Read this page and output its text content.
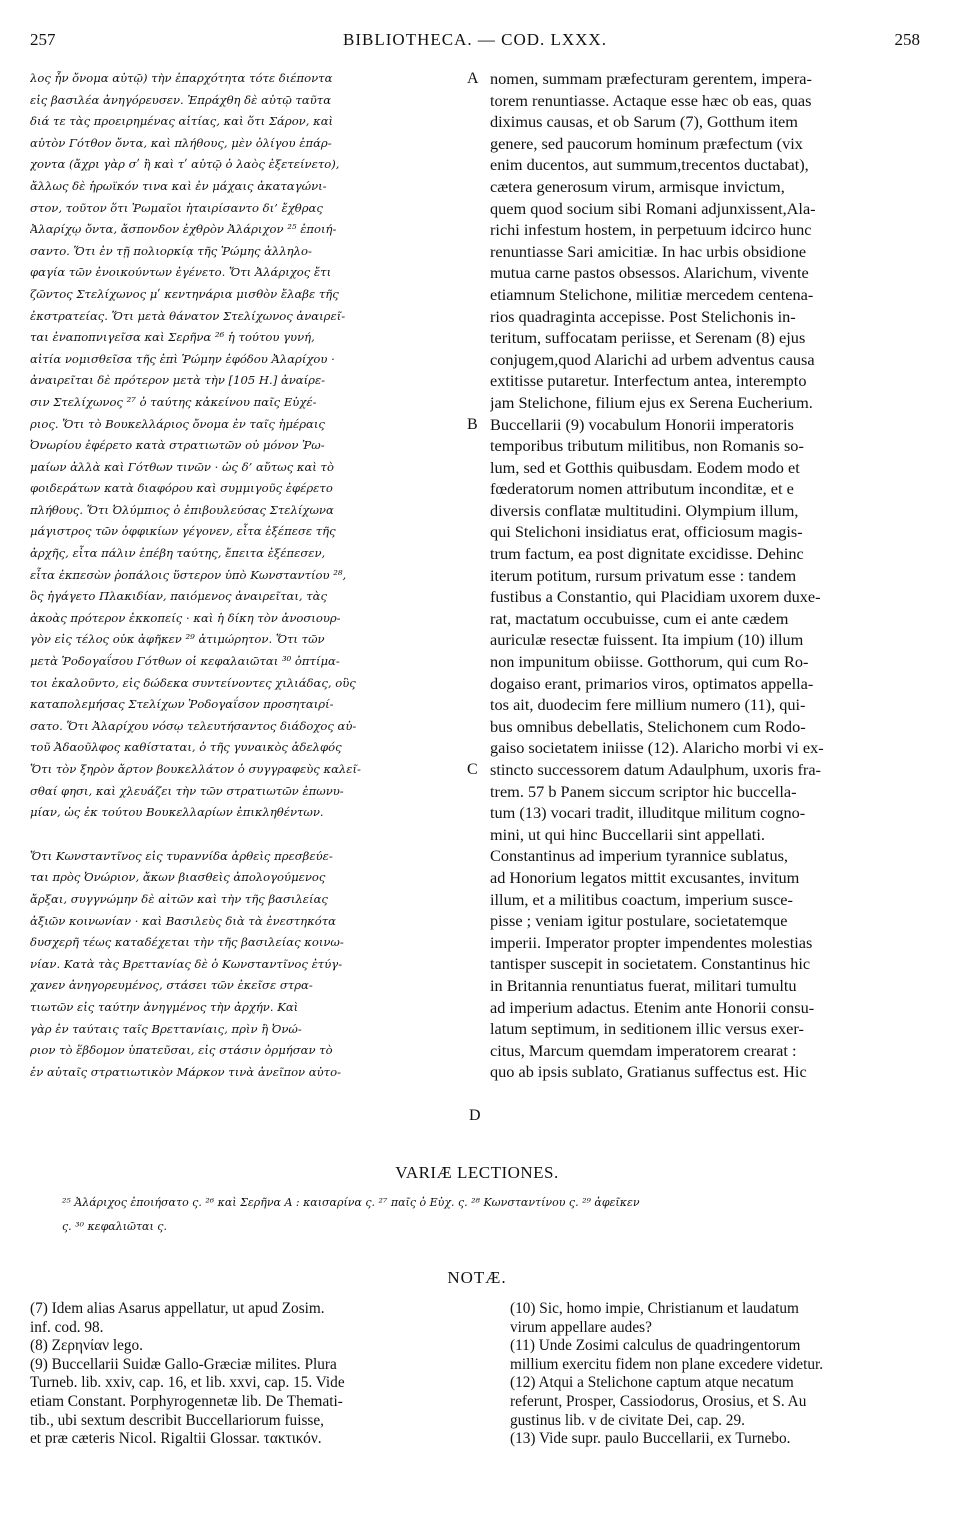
BIBLIOTHECA. — COD. LXXX.
257	258
λος ἦν ὄνομα αὐτῷ) τὴν ἐπαρχότητα τότε διέποντα
εἰς βασιλέα ἀνηγόρευσεν. Ἐπράχθη δὲ αὐτῷ ταῦτα
διά τε τὰς προειρημένας αἰτίας, καὶ ὅτι Σάρον, καὶ
αὐτὸν Γότθον ὄντα, καὶ πλήθους, μὲν ὀλίγου ἐπάρ-
χοντα (ἄχρι γὰρ σʹ ἢ καὶ τʹ αὐτῷ ὁ λαὸς ἐξετείνετο),
ἄλλως δὲ ἡρωϊκόν τινα καὶ ἐν μάχαις ἀκαταγώνι-
στον, τοῦτον ὅτι Ῥωμαῖοι ἡταιρίσαντο δι’ ἔχθρας
Ἀλαρίχῳ ὄντα, ἄσπονδον ἐχθρὸν Ἀλάριχον ²⁵ ἐποιή-
σαντο. Ὅτι ἐν τῇ πολιορκίᾳ τῆς Ῥώμης ἀλληλο-
φαγία τῶν ἐνοικούντων ἐγένετο. Ὅτι Ἀλάριχος ἔτι
ζῶντος Στελίχωνος μʹ κεντηνάρια μισθὸν ἔλαβε τῆς
ἐκστρατείας. Ὅτι μετὰ θάνατον Στελίχωνος ἀναιρεῖ-
ται ἐναποπνιγεῖσα καὶ Σερῆνα ²⁶ ἡ τούτου γυνή,
αἰτία νομισθεῖσα τῆς ἐπὶ Ῥώμην ἐφόδου Ἀλαρίχου ·
ἀναιρεῖται δὲ πρότερον μετὰ τὴν [105 H.] ἀναίρε-
σιν Στελίχωνος ²⁷ ὁ ταύτης κἀκείνου παῖς Εὐχέ-
ριος. Ὅτι τὸ Βουκελλάριος ὄνομα ἐν ταῖς ἡμέραις
Ὀνωρίου ἐφέρετο κατὰ στρατιωτῶν οὐ μόνον Ῥω-
μαίων ἀλλὰ καὶ Γότθων τινῶν · ὡς δ’ αὔτως καὶ τὸ
φοιδεράτων κατὰ διαφόρου καὶ συμμιγοῦς ἐφέρετο
πλήθους. Ὅτι Ὀλύμπιος ὁ ἐπιβουλεύσας Στελίχωνα
μάγιστρος τῶν ὀφφικίων γέγονεν, εἶτα ἐξέπεσε τῆς
ἀρχῆς, εἶτα πάλιν ἐπέβη ταύτης, ἔπειτα ἐξέπεσεν,
εἶτα ἐκπεσὼν ῥοπάλοις ὕστερον ὑπὸ Κωνσταντίου ²⁸,
ὃς ἠγάγετο Πλακιδίαν, παιόμενος ἀναιρεῖται, τὰς
ἀκοὰς πρότερον ἐκκοπείς · καὶ ἡ δίκη τὸν ἀνοσιουρ-
γὸν εἰς τέλος οὐκ ἀφῆκεν ²⁹ ἀτιμώρητον. Ὅτι τῶν
μετὰ Ῥοδογαΐσου Γότθων οἱ κεφαλαιῶται ³⁰ ὀπτίμα-
τοι ἐκαλοῦντο, εἰς δώδεκα συντείνοντες χιλιάδας, οὓς
καταπολεμήσας Στελίχων Ῥοδογαΐσον προσηταιρί-
σατο. Ὅτι Ἀλαρίχου νόσῳ τελευτήσαντος διάδοχος αὐ-
τοῦ Ἀδαοῦλφος καθίσταται, ὁ τῆς γυναικὸς ἀδελφός
Ὅτι τὸν ξηρὸν ἄρτον βουκελλάτον ὁ συγγραφεὺς καλεῖ-
σθαί φησι, καὶ χλευάζει τὴν τῶν στρατιωτῶν ἐπωνυ-
μίαν, ὡς ἐκ τούτου Βουκελλαρίων ἐπικληθέντων.
Ὅτι Κωνσταντῖνος εἰς τυραννίδα ἀρθεὶς πρεσβεύε-
ται πρὸς Ὀνώριον, ἄκων βιασθεὶς ἀπολογούμενος
ἄρξαι, συγγνώμην δὲ αἰτῶν καὶ τὴν τῆς βασιλείας
ἀξιῶν κοινωνίαν · καὶ Βασιλεὺς διὰ τὰ ἐνεστηκότα
δυσχερῆ τέως καταδέχεται τὴν τῆς βασιλείας κοινω-
νίαν. Κατὰ τὰς Βρεττανίας δὲ ὁ Κωνσταντῖνος ἐτύγ-
χανεν ἀνηγορευμένος, στάσει τῶν ἐκεῖσε στρα-
τιωτῶν εἰς ταύτην ἀνηγμένος τὴν ἀρχήν. Καὶ
γὰρ ἐν ταύταις ταῖς Βρεττανίαις, πρὶν ἢ Ὀνώ-
ριον τὸ ἕβδομον ὑπατεῦσαι, εἰς στάσιν ὁρμήσαν τὸ
ἐν αὐταῖς στρατιωτικὸν Μάρκον τινὰ ἀνεῖπον αὐτο-
nomen, summam præfecturam gerentem, impera-
torem renuntiasse. Actaque esse hæc ob eas, quas
diximus causas, et ob Sarum (7), Gotthum item
genere, sed paucorum hominum præfectum (vix
enim ducentos, aut summum,trecentos ductabat),
cætera generosum virum, armisque invictum,
quem quod socium sibi Romani adjunxissent,Ala-
richi infestum hostem, in perpetuum idcirco hunc
renuntiasse Sari amicitiæ. In hac urbis obsidione
mutua carne pastos obsessos. Alarichum, vivente
etiamnum Stelichone, militiæ mercedem centena-
rios quadraginta accepisse. Post Stelichonis in-
teritum, suffocatam periisse, et Serenam (8) ejus
conjugem,quod Alarichi ad urbem adventus causa
extitisse putaretur. Interfectum antea, interempto
jam Stelichone, filium ejus ex Serena Eucherium.
Buccellarii (9) vocabulum Honorii imperatoris
temporibus tributum militibus, non Romanis so-
lum, sed et Gotthis quibusdam. Eodem modo et
fœderatorum nomen attributum inconditæ, et e
diversis conflatæ multitudini. Olympium illum,
qui Stelichoni insidiatus erat, officiosum magis-
trum factum, ea post dignitate excidisse. Dehinc
iterum potitum, rursum privatum esse : tandem
fustibus a Constantio, qui Placidiam uxorem duxe-
rat, mactatum occubuisse, cum ei ante cædem
auriculæ resectæ fuissent. Ita impium (10) illum
non impunitum obiisse. Gotthorum, qui cum Ro-
dogaiso erant, primarios viros, optimatos appella-
tos ait, duodecim fere millium numero (11), qui-
bus omnibus debellatis, Stelichonem cum Rodo-
gaiso societatem iniisse (12). Alaricho morbi vi ex-
stincto successorem datum Adaulphum, uxoris fra-
trem. 57 b Panem siccum scriptor hic buccella-
tum (13) vocari tradit, illuditque militum cogno-
mini, ut qui hinc Buccellarii sint appellati.
Constantinus ad imperium tyrannice sublatus,
ad Honorium legatos mittit excusantes, invitum
illum, et a militibus coactum, imperium susce-
pisse ; veniam igitur postulare, societatemque
imperii. Imperator propter impendentes molestias
tantisper suscepit in societatem. Constantinus hic
in Britannia renuntiatus fuerat, militari tumultu
ad imperium adactus. Etenim ante Honorii consu-
latum septimum, in seditionem illic versus exer-
citus, Marcum quemdam imperatorem crearat :
quo ab ipsis sublato, Gratianus suffectus est. Hic
A
B
C
D
VARIÆ LECTIONES.
²⁵ Ἀλάριχος ἐποιήσατο ς. ²⁶ καὶ Σερῆνα A : καισαρίνα ς. ²⁷ παῖς ὁ Εὐχ. ς. ²⁸ Κωνσταντίνου ς. ²⁹ ἀφεῖκεν
ς. ³⁰ κεφαλιῶται ς.
NOTÆ.
(7) Idem alias Asarus appellatur, ut apud Zosim.
inf. cod. 98.
(8) Ζερηνίαν lego.
(9) Buccellarii Suidæ Gallo-Græciæ milites. Plura
Turneb. lib. xxiv, cap. 16, et lib. xxvi, cap. 15. Vide
etiam Constant. Porphyrogennetæ lib. De Themati-
tib., ubi sextum describit Buccellariorum fuisse,
et præ cæteris Nicol. Rigaltii Glossar. τακτικόν.
(10) Sic, homo impie, Christianum et laudatum
virum appellare audes?
(11) Unde Zosimi calculus de quadringentorum
millium exercitu fidem non plane excedere videtur.
(12) Atqui a Stelichone captum atque necatum
referunt, Prosper, Cassiodorus, Orosius, et S. Au
gustinus lib. v de civitate Dei, cap. 29.
(13) Vide supr. paulo Buccellarii, ex Turnebo.
